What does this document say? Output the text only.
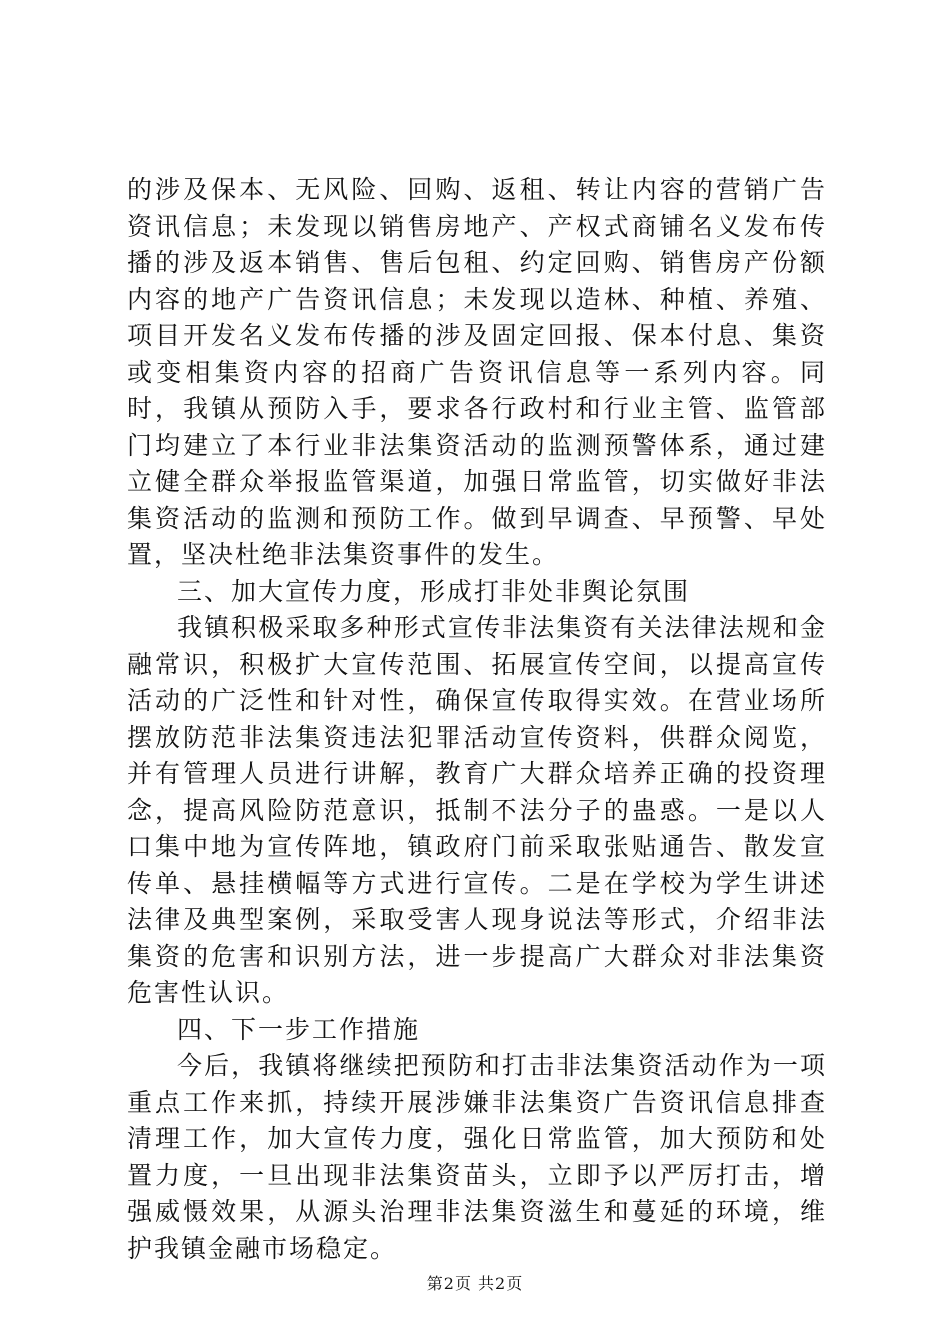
的涉及保本、无风险、回购、返租、转让内容的营销广告资讯信息；未发现以销售房地产、产权式商铺名义发布传播的涉及返本销售、售后包租、约定回购、销售房产份额内容的地产广告资讯信息；未发现以造林、种植、养殖、项目开发名义发布传播的涉及固定回报、保本付息、集资或变相集资内容的招商广告资讯信息等一系列内容。同时，我镇从预防入手，要求各行政村和行业主管、监管部门均建立了本行业非法集资活动的监测预警体系，通过建立健全群众举报监管渠道，加强日常监管，切实做好非法集资活动的监测和预防工作。做到早调查、早预警、早处置，坚决杜绝非法集资事件的发生。

三、加大宣传力度，形成打非处非舆论氛围

我镇积极采取多种形式宣传非法集资有关法律法规和金融常识，积极扩大宣传范围、拓展宣传空间，以提高宣传活动的广泛性和针对性，确保宣传取得实效。在营业场所摆放防范非法集资违法犯罪活动宣传资料，供群众阅览，并有管理人员进行讲解，教育广大群众培养正确的投资理念，提高风险防范意识，抵制不法分子的蛊惑。一是以人口集中地为宣传阵地，镇政府门前采取张贴通告、散发宣传单、悬挂横幅等方式进行宣传。二是在学校为学生讲述法律及典型案例，采取受害人现身说法等形式，介绍非法集资的危害和识别方法，进一步提高广大群众对非法集资危害性认识。

四、下一步工作措施

今后，我镇将继续把预防和打击非法集资活动作为一项重点工作来抓，持续开展涉嫌非法集资广告资讯信息排查清理工作，加大宣传力度，强化日常监管，加大预防和处置力度，一旦出现非法集资苗头，立即予以严厉打击，增强威慑效果，从源头治理非法集资滋生和蔓延的环境，维护我镇金融市场稳定。

第2页 共2页
